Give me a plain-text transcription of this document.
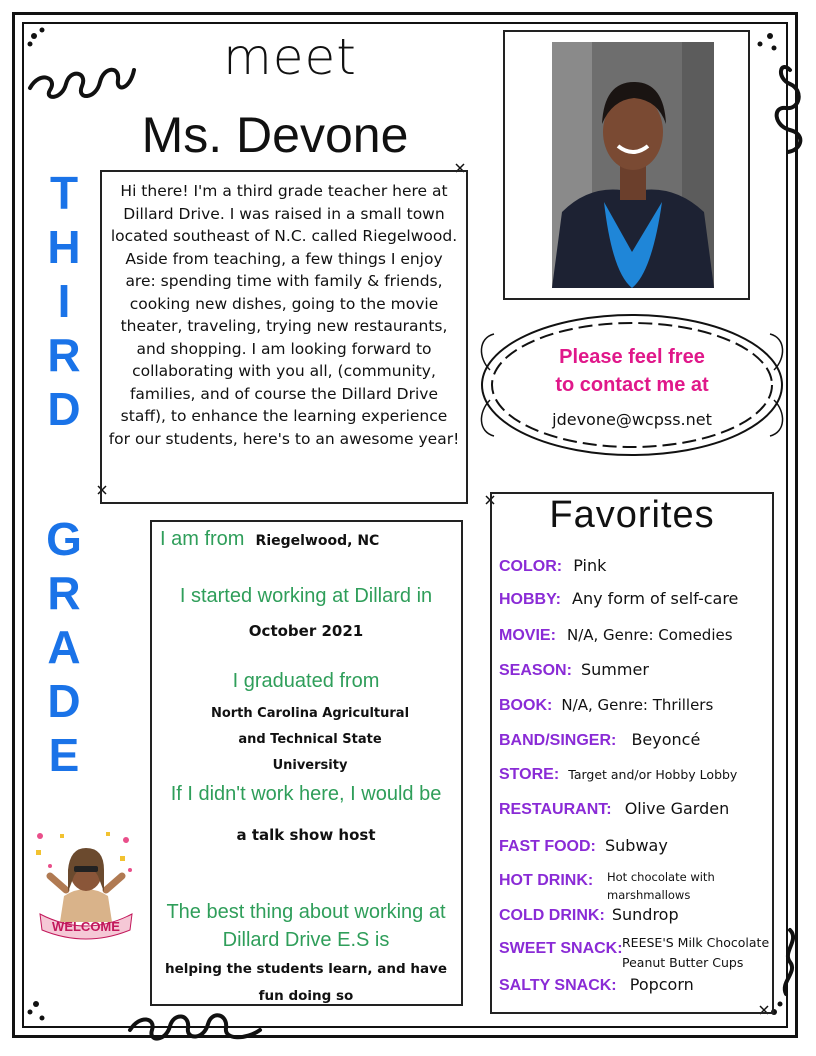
meet
Ms. Devone
T
H
I
R
D
G
R
A
D
E
Hi there! I'm a third grade teacher here at Dillard Drive. I was raised in a small town located southeast of N.C. called Riegelwood. Aside from teaching, a few things I enjoy are: spending time with family & friends, cooking new dishes, going to the movie theater, traveling, trying new restaurants, and shopping. I am looking forward to collaborating with you all, (community, families, and of course the Dillard Drive staff), to enhance the learning experience for our students, here's to an awesome year!
Please feel free
to contact me at
jdevone@wcpss.net
I am from Riegelwood, NC
I started working at Dillard in
October 2021
I graduated from
North Carolina Agricultural
and Technical State
University
If I didn't work here, I would be
a talk show host
The best thing about working at
Dillard Drive E.S is
helping the students learn, and have
fun doing so
WELCOME
Favorites
COLOR: Pink
HOBBY: Any form of self-care
MOVIE: N/A, Genre: Comedies
SEASON: Summer
BOOK: N/A, Genre: Thrillers
BAND/SINGER: Beyoncé
STORE: Target and/or Hobby Lobby
RESTAURANT: Olive Garden
FAST FOOD: Subway
HOT DRINK:	Hot chocolate with marshmallows
COLD DRINK: Sundrop
SWEET SNACK: REESE'S Milk Chocolate Peanut Butter Cups
SALTY SNACK: Popcorn
